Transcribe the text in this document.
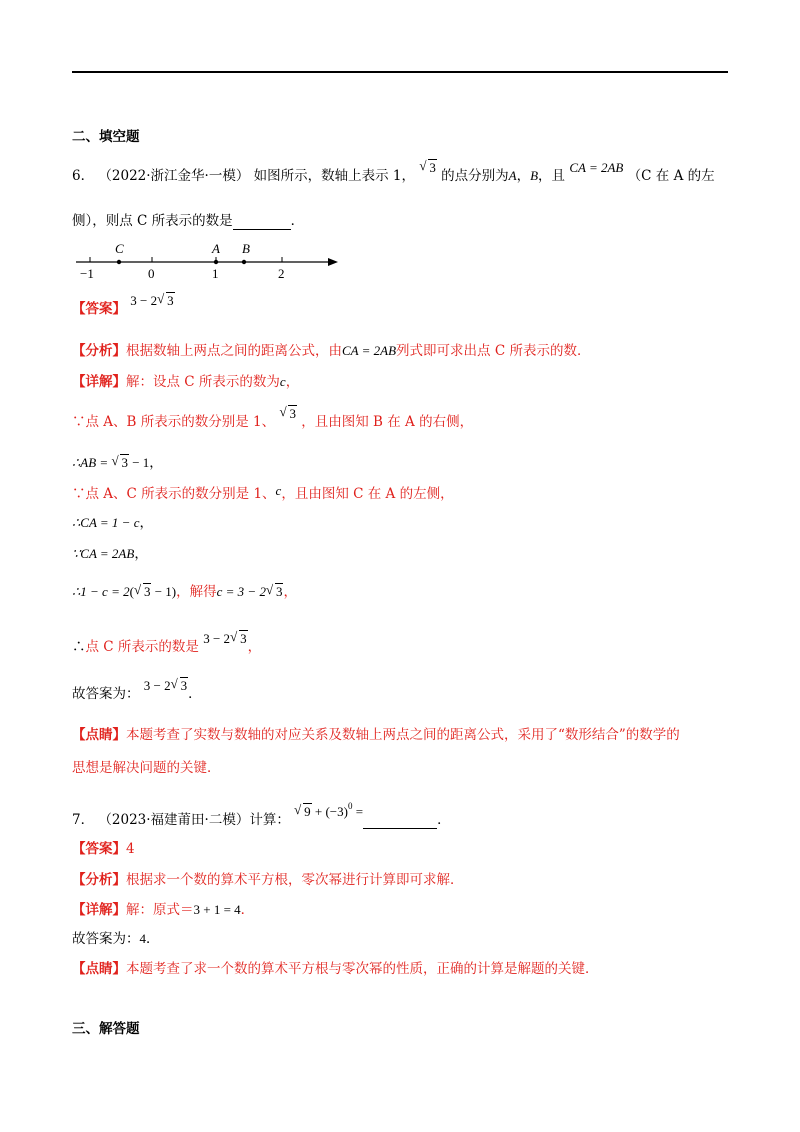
二、填空题
6． （2022·浙江金华·一模） 如图所示，数轴上表示 1，
√ 3 的点分别为A，B，且 CA = 2AB （C 在 A 的左
侧），则点 C 所表示的数是	．
C	A B
−1	0	1	2
【答案】 3 − 2 √ 3
【分析】根据数轴上两点之间的距离公式，由CA = 2AB列式即可求出点 C 所表示的数．
【详解】解：设点 C 所表示的数为c，
∵点 A、B 所表示的数分别是 1、
√ 3 ，且由图知 B 在 A 的右侧，
∴AB = √ 3 − 1，
∵点 A、C 所表示的数分别是 1、c，且由图知 C 在 A 的左侧，
∴CA = 1 − c，
∵CA = 2AB，
∴1 − c = 2( √ 3 − 1)，解得c = 3 − 2 √ 3，
∴点 C 所表示的数是 3 − 2 √ 3，
故答案为： 3 − 2 √ 3．
【点睛】本题考查了实数与数轴的对应关系及数轴上两点之间的距离公式，采用了“数形结合”的数学的
思想是解决问题的关键．
7． （2023·福建莆田·二模）计算：
√ $9 + (-3)^0$ =．
【答案】4
【分析】根据求一个数的算术平方根，零次幂进行计算即可求解．
【详解】解：原式＝3 + 1 = 4．
故答案为：4．
【点睛】本题考查了求一个数的算术平方根与零次幂的性质，正确的计算是解题的关键．
三、解答题
